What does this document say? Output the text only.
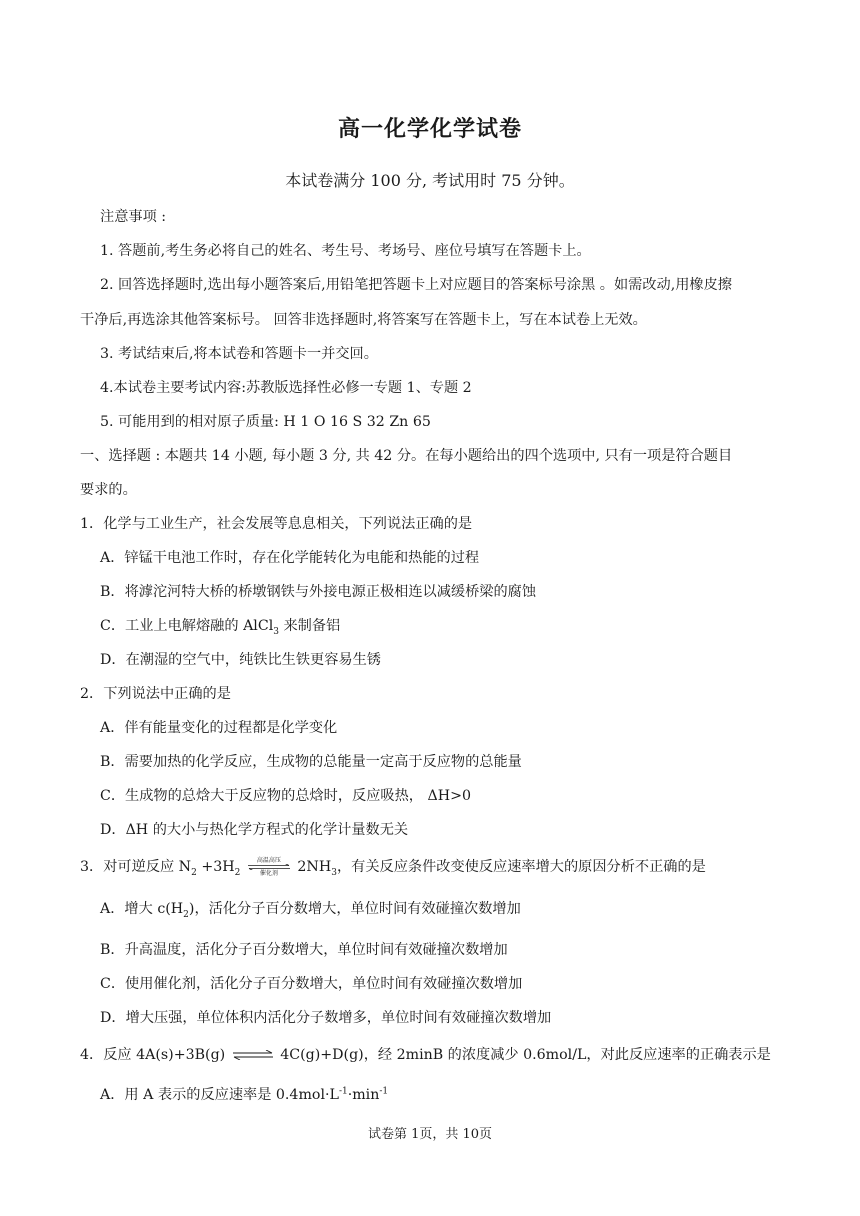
高一化学化学试卷
本试卷满分 100 分, 考试用时 75 分钟。
注意事项 :
1. 答题前,考生务必将自己的姓名、考生号、考场号、座位号填写在答题卡上。
2. 回答选择题时,选出每小题答案后,用铅笔把答题卡上对应题目的答案标号涂黑 。如需改动,用橡皮擦
干净后,再选涂其他答案标号。 回答非选择题时,将答案写在答题卡上，写在本试卷上无效。
3. 考试结束后,将本试卷和答题卡一并交回。
4.本试卷主要考试内容:苏教版选择性必修一专题 1、专题 2
5. 可能用到的相对原子质量: H 1 O 16 S 32 Zn 65
一、选择题 : 本题共 14 小题, 每小题 3 分, 共 42 分。在每小题给出的四个选项中, 只有一项是符合题目
要求的。
1．化学与工业生产，社会发展等息息相关，下列说法正确的是
A．锌锰干电池工作时，存在化学能转化为电能和热能的过程
B．将滹沱河特大桥的桥墩钢铁与外接电源正极相连以减缓桥梁的腐蚀
C．工业上电解熔融的 AlCl$_3$ 来制备铝
D．在潮湿的空气中，纯铁比生铁更容易生锈
2．下列说法中正确的是
A．伴有能量变化的过程都是化学变化
B．需要加热的化学反应，生成物的总能量一定高于反应物的总能量
C．生成物的总焓大于反应物的总焓时，反应吸热， ΔH>0
D．ΔH 的大小与热化学方程式的化学计量数无关
3．对可逆反应 $N_2 +3H_2$
高温高压
催化剂	$2NH_3$，有关反应条件改变使反应速率增大的原因分析不正确的是
A．增大 $c(H_2)$，活化分子百分数增大，单位时间有效碰撞次数增加
B．升高温度，活化分子百分数增大，单位时间有效碰撞次数增加
C．使用催化剂，活化分子百分数增大，单位时间有效碰撞次数增加
D．增大压强，单位体积内活化分子数增多，单位时间有效碰撞次数增加
4．反应 4A(s)+3B(g) ⇌ 4C(g)+D(g)，经 2minB 的浓度减少 0.6mol/L，对此反应速率的正确表示是
A．用 A 表示的反应速率是 $0.4mol\cdot L^{-1}\cdot\min^{-1}$
试卷第 1页，共 10页
